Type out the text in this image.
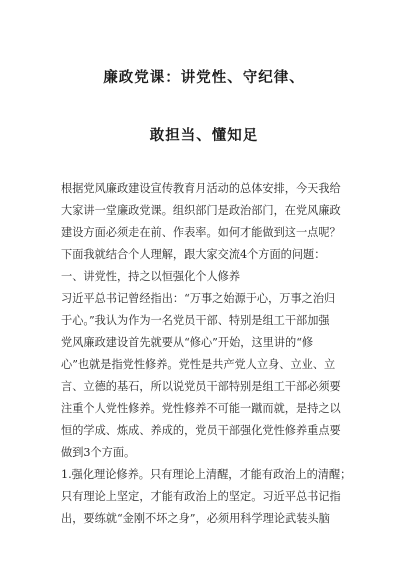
廉政党课：讲党性、守纪律、
敢担当、懂知足
根据党风廉政建设宣传教育月活动的总体安排，今天我给
大家讲一堂廉政党课。组织部门是政治部门，在党风廉政
建设方面必须走在前、作表率。如何才能做到这一点呢？
下面我就结合个人理解，跟大家交流4个方面的问题：
一、讲党性，持之以恒强化个人修养
习近平总书记曾经指出：“万事之始源于心，万事之治归
于心。”我认为作为一名党员干部、特别是组工干部加强
党风廉政建设首先就要从“修心”开始，这里讲的“修
心”也就是指党性修养。党性是共产党人立身、立业、立
言、立德的基石，所以说党员干部特别是组工干部必须要
注重个人党性修养。党性修养不可能一蹴而就，是持之以
恒的学成、炼成、养成的，党员干部强化党性修养重点要
做到3个方面。
1.强化理论修养。只有理论上清醒，才能有政治上的清醒；
只有理论上坚定，才能有政治上的坚定。习近平总书记指
出，要练就“金刚不坏之身”，必须用科学理论武装头脑
